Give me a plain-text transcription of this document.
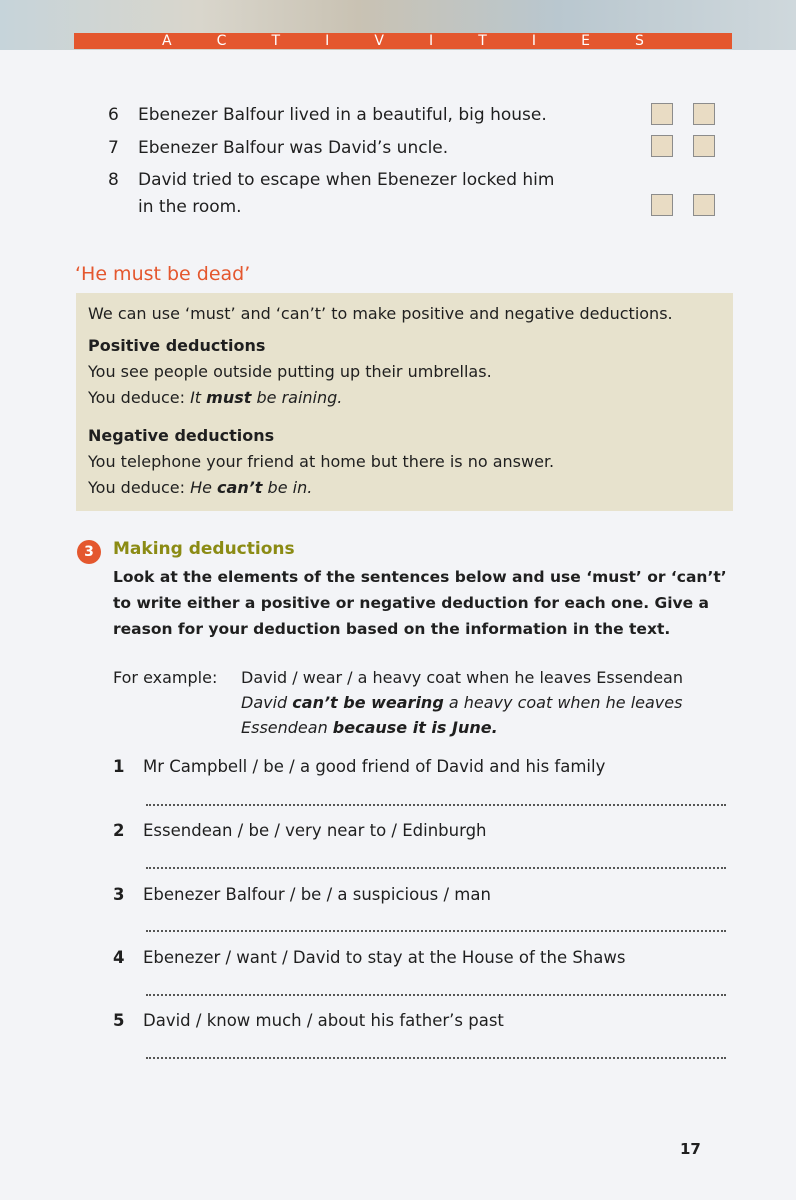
A	C	T	I	V	I	T	I	E	S
6 Ebenezer Balfour lived in a beautiful, big house.
7 Ebenezer Balfour was David’s uncle.
8 David tried to escape when Ebenezer locked him
in the room.
‘He must be dead’
We can use ‘must’ and ‘can’t’ to make positive and negative deductions.
Positive deductions
You see people outside putting up their umbrellas.
You deduce: It must be raining.
Negative deductions
You telephone your friend at home but there is no answer.
You deduce: He can’t be in.
3	Making deductions
Look at the elements of the sentences below and use ‘must’ or ‘can’t’ to write either a positive or negative deduction for each one. Give a reason for your deduction based on the information in the text.
For example: David / wear / a heavy coat when he leaves Essendean
David can’t be wearing a heavy coat when he leaves
Essendean because it is June.
1 Mr Campbell / be / a good friend of David and his family
2 Essendean / be / very near to / Edinburgh
3 Ebenezer Balfour / be / a suspicious / man
4 Ebenezer / want / David to stay at the House of the Shaws
5 David / know much / about his father’s past
17
